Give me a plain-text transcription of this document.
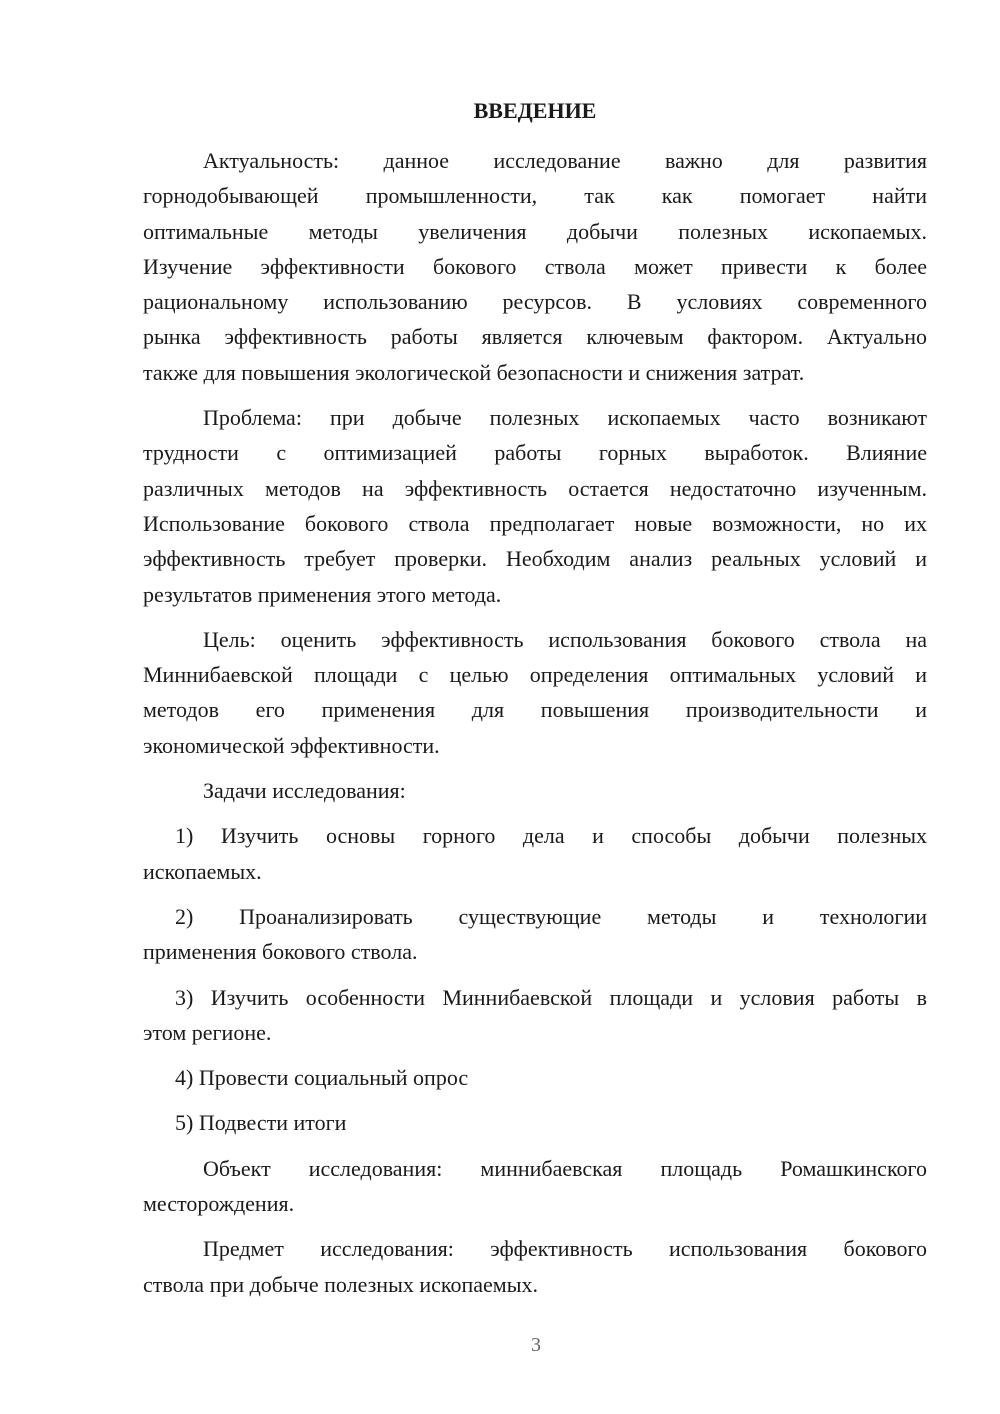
ВВЕДЕНИЕ
Актуальность: данное исследование важно для развития
горнодобывающей промышленности, так как помогает найти
оптимальные методы увеличения добычи полезных ископаемых.
Изучение эффективности бокового ствола может привести к более
рациональному использованию ресурсов. В условиях современного
рынка эффективность работы является ключевым фактором. Актуально
также для повышения экологической безопасности и снижения затрат.
Проблема: при добыче полезных ископаемых часто возникают
трудности с оптимизацией работы горных выработок. Влияние
различных методов на эффективность остается недостаточно изученным.
Использование бокового ствола предполагает новые возможности, но их
эффективность требует проверки. Необходим анализ реальных условий и
результатов применения этого метода.
Цель: оценить эффективность использования бокового ствола на
Миннибаевской площади с целью определения оптимальных условий и
методов его применения для повышения производительности и
экономической эффективности.
Задачи исследования:
1) Изучить основы горного дела и способы добычи полезных
ископаемых.
2) Проанализировать существующие методы и технологии
применения бокового ствола.
3) Изучить особенности Миннибаевской площади и условия работы в
этом регионе.
4) Провести социальный опрос
5) Подвести итоги
Объект исследования: миннибаевская площадь Ромашкинского
месторождения.
Предмет исследования: эффективность использования бокового
ствола при добыче полезных ископаемых.
3
